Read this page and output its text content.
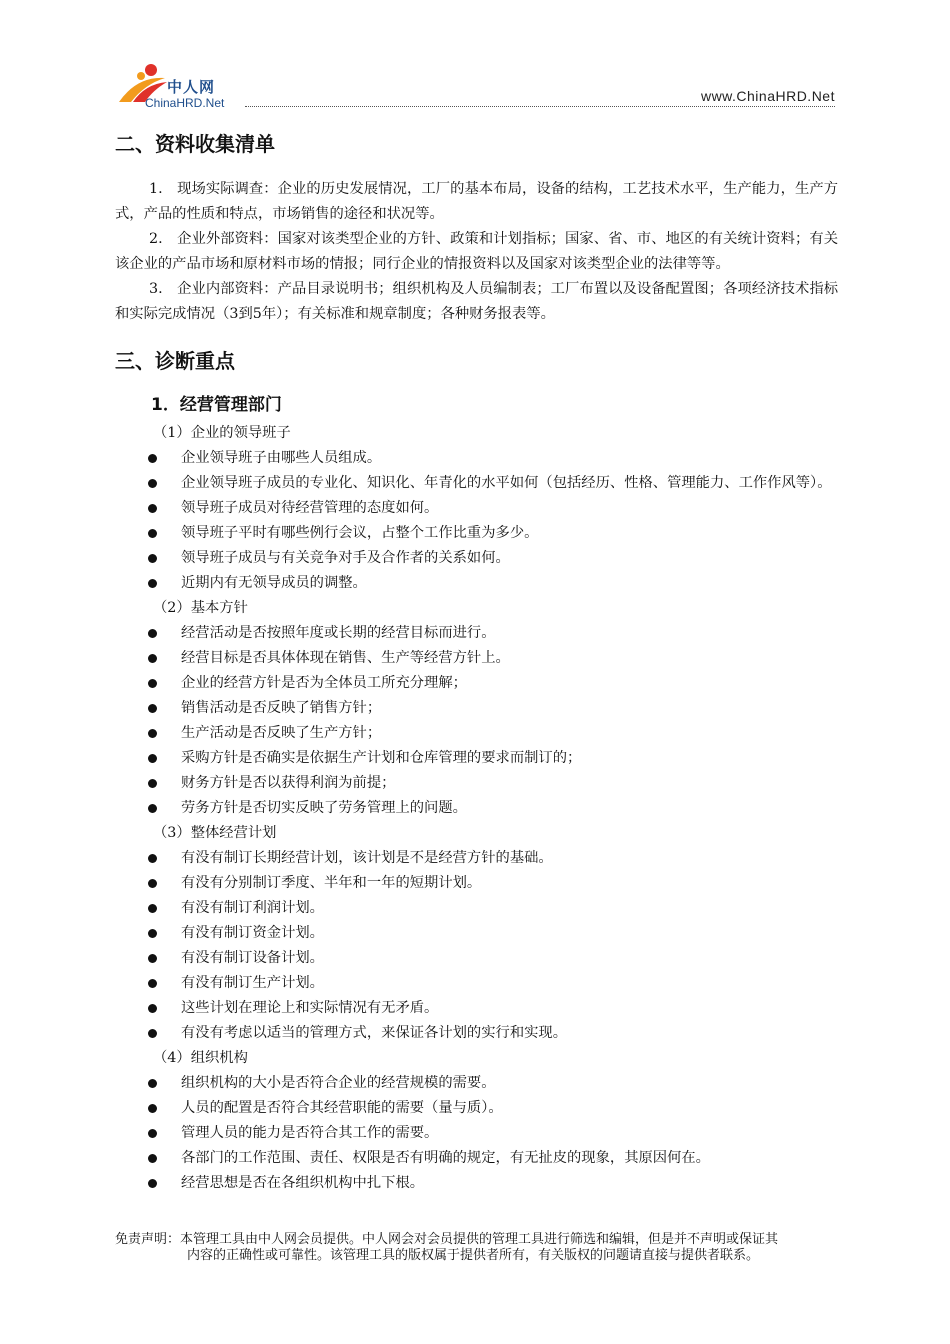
中人网
ChinaHRD.Net	www.ChinaHRD.Net
二、资料收集清单

1.　现场实际调查：企业的历史发展情况，工厂的基本布局，设备的结构，工艺技术水平，生产能力，生产方式，产品的性质和特点，市场销售的途径和状况等。

2.　企业外部资料：国家对该类型企业的方针、政策和计划指标；国家、省、市、地区的有关统计资料；有关该企业的产品市场和原材料市场的情报；同行企业的情报资料以及国家对该类型企业的法律等等。

3.　企业内部资料：产品目录说明书；组织机构及人员编制表；工厂布置以及设备配置图；各项经济技术指标和实际完成情况（3到5年）；有关标准和规章制度；各种财务报表等。

三、诊断重点
1．经营管理部门

（1）企业的领导班子

企业领导班子由哪些人员组成。

企业领导班子成员的专业化、知识化、年青化的水平如何（包括经历、性格、管理能力、工作作风等）。

领导班子成员对待经营管理的态度如何。

领导班子平时有哪些例行会议，占整个工作比重为多少。

领导班子成员与有关竞争对手及合作者的关系如何。

近期内有无领导成员的调整。

（2）基本方针

经营活动是否按照年度或长期的经营目标而进行。

经营目标是否具体体现在销售、生产等经营方针上。

企业的经营方针是否为全体员工所充分理解；

销售活动是否反映了销售方针；

生产活动是否反映了生产方针；

采购方针是否确实是依据生产计划和仓库管理的要求而制订的；

财务方针是否以获得利润为前提；

劳务方针是否切实反映了劳务管理上的问题。

（3）整体经营计划

有没有制订长期经营计划，该计划是不是经营方针的基础。

有没有分别制订季度、半年和一年的短期计划。

有没有制订利润计划。

有没有制订资金计划。

有没有制订设备计划。

有没有制订生产计划。

这些计划在理论上和实际情况有无矛盾。

有没有考虑以适当的管理方式，来保证各计划的实行和实现。

（4）组织机构

组织机构的大小是否符合企业的经营规模的需要。

人员的配置是否符合其经营职能的需要（量与质）。

管理人员的能力是否符合其工作的需要。

各部门的工作范围、责任、权限是否有明确的规定，有无扯皮的现象，其原因何在。

经营思想是否在各组织机构中扎下根。

免责声明：本管理工具由中人网会员提供。中人网会对会员提供的管理工具进行筛选和编辑，但是并不声明或保证其
内容的正确性或可靠性。该管理工具的版权属于提供者所有，有关版权的问题请直接与提供者联系。
